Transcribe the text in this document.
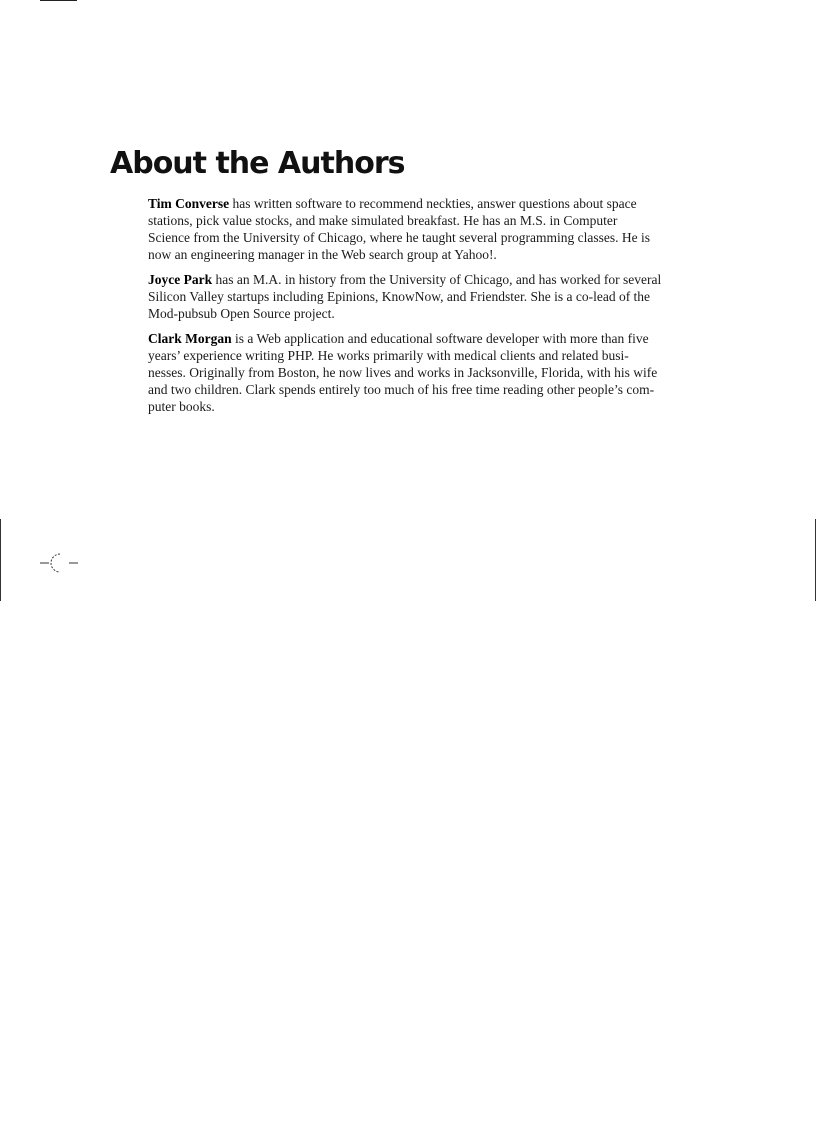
About the Authors

Tim Converse has written software to recommend neckties, answer questions about space
stations, pick value stocks, and make simulated breakfast. He has an M.S. in Computer
Science from the University of Chicago, where he taught several programming classes. He is
now an engineering manager in the Web search group at Yahoo!.

Joyce Park has an M.A. in history from the University of Chicago, and has worked for several
Silicon Valley startups including Epinions, KnowNow, and Friendster. She is a co-lead of the
Mod-pubsub Open Source project.

Clark Morgan is a Web application and educational software developer with more than five
years’ experience writing PHP. He works primarily with medical clients and related busi-
nesses. Originally from Boston, he now lives and works in Jacksonville, Florida, with his wife
and two children. Clark spends entirely too much of his free time reading other people’s com-
puter books.
